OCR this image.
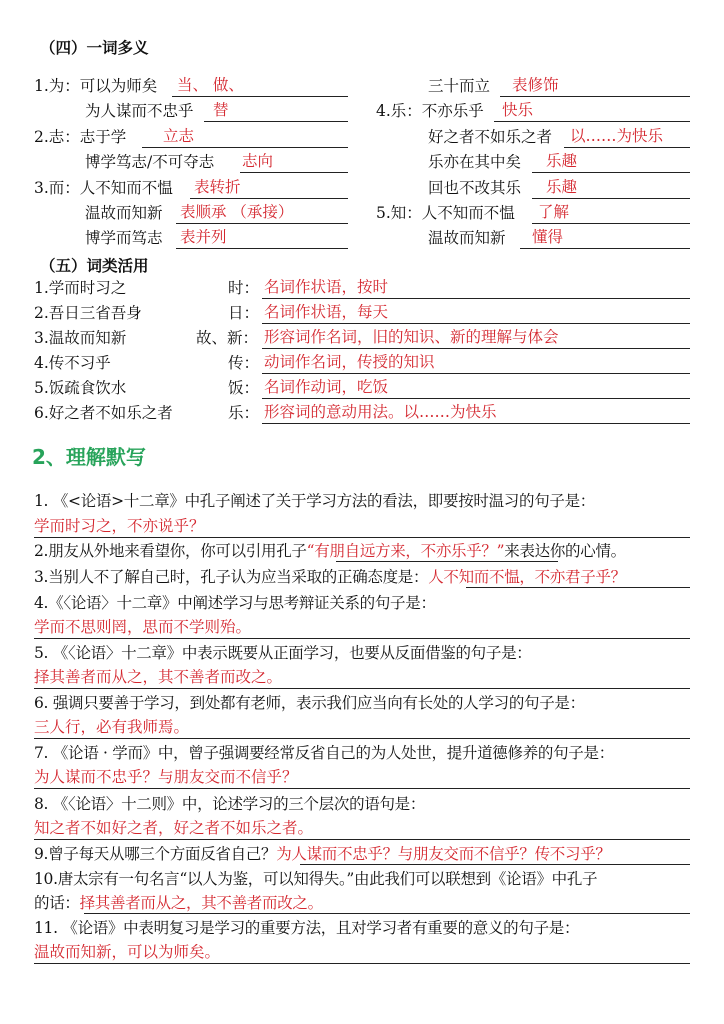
（四）一词多义
1.为：可以为师矣 当、 做、
为人谋而不忠乎 替
2.志：志于学 立志
博学笃志/不可夺志 志向
3.而：人不知而不愠 表转折
温故而知新 表顺承 （承接）
博学而笃志 表并列
三十而立 表修饰
4.乐：不亦乐乎 快乐
好之者不如乐之者 以……为快乐
乐亦在其中矣 乐趣
回也不改其乐 乐趣
5.知：人不知而不愠 了解
温故而知新 懂得
（五）词类活用
1.学而时习之	时： 名词作状语，按时
2.吾日三省吾身	日： 名词作状语，每天
3.温故而知新	故、新： 形容词作名词，旧的知识、新的理解与体会
4.传不习乎	传： 动词作名词，传授的知识
5.饭疏食饮水	饭： 名词作动词，吃饭
6.好之者不如乐之者	乐： 形容词的意动用法。以……为快乐
2、理解默写
1. 《<论语>十二章》中孔子阐述了关于学习方法的看法，即要按时温习的句子是：
学而时习之，不亦说乎？
2.朋友从外地来看望你，你可以引用孔子“有朋自远方来，不亦乐乎？”来表达你的心情。
3.当别人不了解自己时，孔子认为应当采取的正确态度是：人不知而不愠，不亦君子乎？
4.《〈论语〉十二章》中阐述学习与思考辩证关系的句子是：
学而不思则罔，思而不学则殆。
5. 《〈论语〉十二章》中表示既要从正面学习，也要从反面借鉴的句子是：
择其善者而从之，其不善者而改之。
6. 强调只要善于学习，到处都有老师，表示我们应当向有长处的人学习的句子是：
三人行，必有我师焉。
7. 《论语 · 学而》中，曾子强调要经常反省自己的为人处世，提升道德修养的句子是：
为人谋而不忠乎？与朋友交而不信乎？
8. 《〈论语〉十二则》中，论述学习的三个层次的语句是：
知之者不如好之者，好之者不如乐之者。
9.曾子每天从哪三个方面反省自己？为人谋而不忠乎？与朋友交而不信乎？传不习乎？
10.唐太宗有一句名言“以人为鉴，可以知得失。”由此我们可以联想到《论语》中孔子
的话：择其善者而从之，其不善者而改之。
11. 《论语》中表明复习是学习的重要方法，且对学习者有重要的意义的句子是：
温故而知新，可以为师矣。
